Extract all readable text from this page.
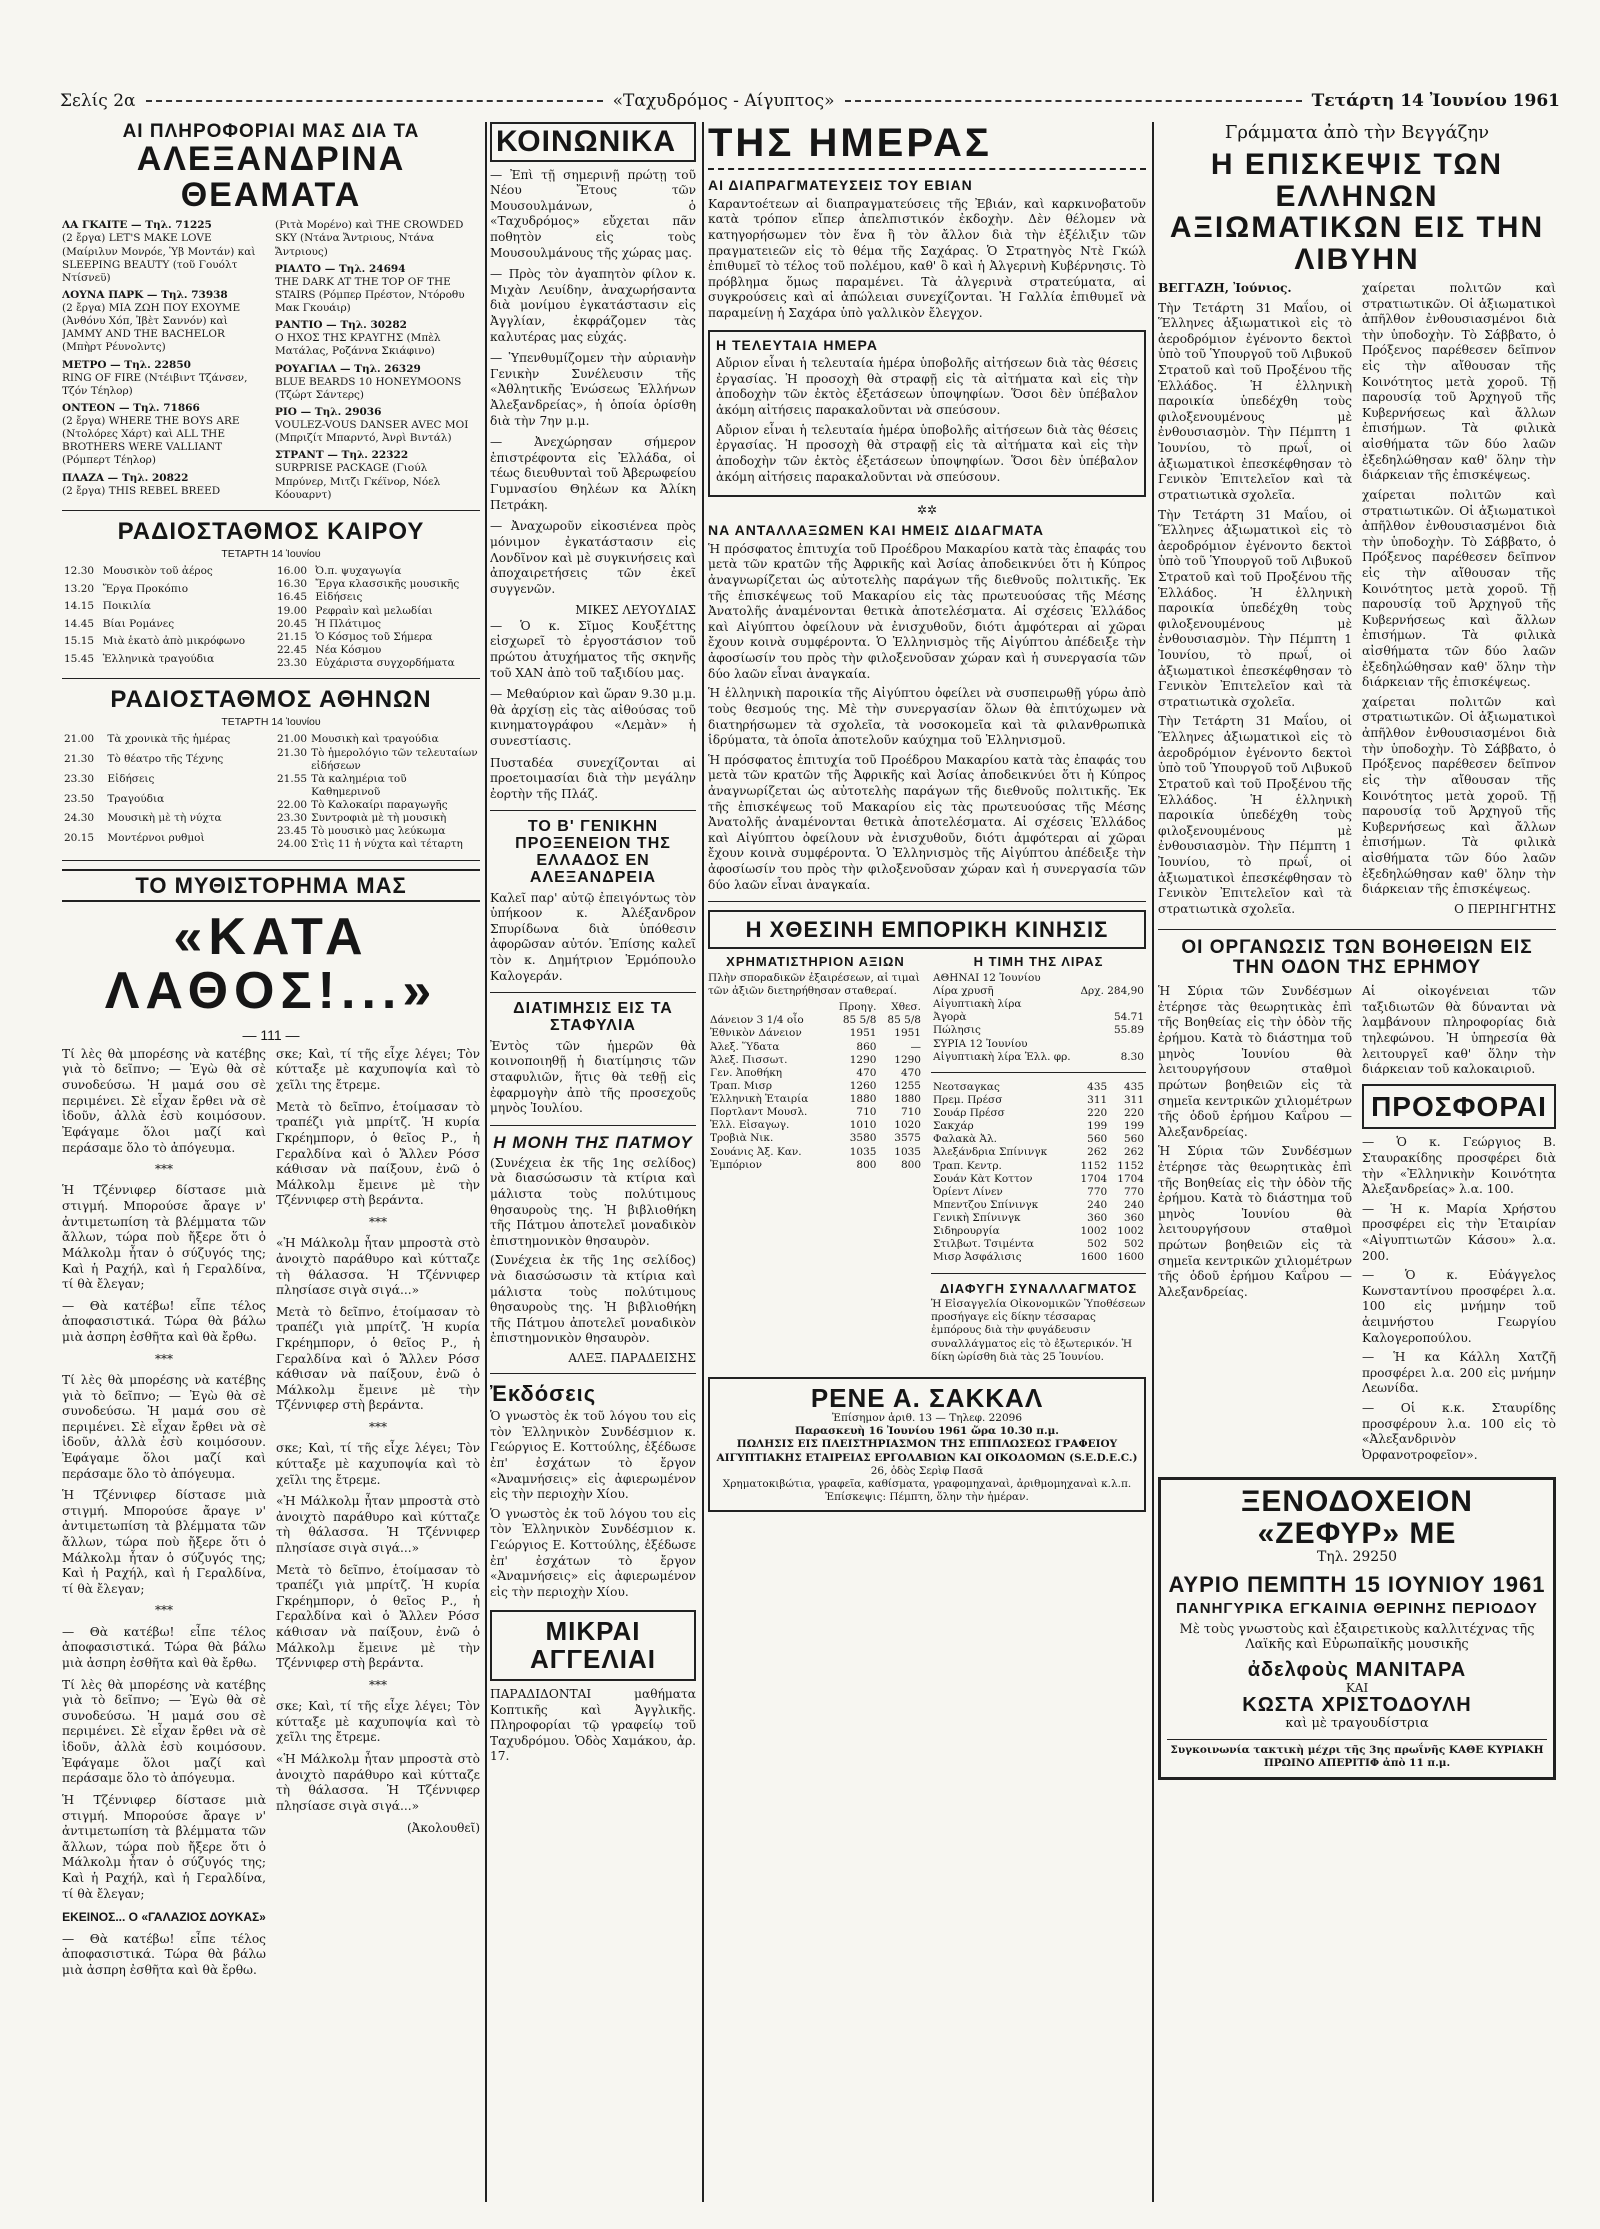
Σελίς 2α	«Ταχυδρόμος - Αίγυπτος»	Τετάρτη 14 Ἰουνίου 1961
ΑΙ ΠΛΗΡΟΦΟΡΙΑΙ ΜΑΣ ΔΙΑ ΤΑ
ΑΛΕΞΑΝΔΡΙΝΑ ΘΕΑΜΑΤΑ
ΛΑ ΓΚΑΙΤΕ — Τηλ. 71225
(2 ἔργα) LET'S MAKE LOVE (Μαίριλυν Μονρόε, Ὑβ Μοντάν) καὶ SLEEPING BEAUTY (τοῦ Γουόλτ Ντίσνεϋ)
ΛΟΥΝΑ ΠΑΡΚ — Τηλ. 73938
(2 ἔργα) ΜΙΑ ΖΩΗ ΠΟΥ ΕΧΟΥΜΕ (Ἀνθόνυ Χόπ, Ἰβὲτ Σαννόν) καὶ JAMMY AND THE BACHELOR (Μπὴρτ Ρέυνολντς)
ΜΕΤΡΟ — Τηλ. 22850
RING OF FIRE (Ντέιβιντ Τζάνσεν, Τζόν Τέηλορ)
ΟΝΤΕΟΝ — Τηλ. 71866
(2 ἔργα) WHERE THE BOYS ARE (Ντολόρες Χάρτ) καὶ ALL THE BROTHERS WERE VALLIANT (Ρόμπερτ Τέηλορ)
ΠΛΑΖΑ — Τηλ. 20822
(2 ἔργα) THIS REBEL BREED
(Ριτὰ Μορένο) καὶ THE CROWDED SKY (Ντάνα Ἄντριους, Ντάνα Ἄντριους)
ΡΙΑΛΤΟ — Τηλ. 24694
THE DARK AT THE TOP OF THE STAIRS (Ρόμπερ Πρέστον, Ντόροθυ Μακ Γκουάιρ)
ΡΑΝΤΙΟ — Τηλ. 30282
Ο ΗΧΟΣ ΤΗΣ ΚΡΑΥΓΗΣ (Μπὲλ Ματάλας, Ροζάννα Σκιάφινο)
ΡΟΥΑΓΙΑΛ — Τηλ. 26329
BLUE BEARDS 10 HONEYMOONS (Τζώρτ Σάντερς)
ΡΙΟ — Τηλ. 29036
VOULEZ-VOUS DANSER AVEC MOI (Μπριζίτ Μπαρντό, Ἀνρὶ Βιντάλ)
ΣΤΡΑΝΤ — Τηλ. 22322
SURPRISE PACKAGE (Γιούλ Μπρύνερ, Μιτζι Γκέϊνορ, Νόελ Κόουαρντ)
ΡΑΔΙΟΣΤΑΘΜΟΣ ΚΑΙΡΟΥ
ΤΕΤΑΡΤΗ 14 Ἰουνίου
12.30	Μουσικὸν τοῦ ἀέρος
13.20	Ἔργα Προκόπιο
14.15	Ποικιλία
14.45	Βίαι Ρομάνες
15.15	Μιὰ ἑκατὸ ἀπὸ μικρόφωνο
15.45	Ἑλληνικὰ τραγούδια
16.00	Ὀ.π. ψυχαγωγία
16.30	Ἔργα κλασσικῆς μουσικῆς
16.45	Εἰδήσεις
19.00	Ρεφραὶν καὶ μελωδίαι
20.45	Ἡ Πλάτιμος
21.15	Ὁ Κόσμος τοῦ Σήμερα
22.45	Νέα Κόσμου
23.30	Εὐχάριστα συγχορδήματα
ΡΑΔΙΟΣΤΑΘΜΟΣ ΑΘΗΝΩΝ
ΤΕΤΑΡΤΗ 14 Ἰουνίου
21.00	Τὰ χρονικὰ τῆς ἡμέρας
21.30	Τὸ θέατρο τῆς Τέχνης
23.30	Εἰδήσεις
23.50	Τραγούδια
24.30	Μουσικὴ μὲ τὴ νύχτα
20.15	Μοντέρνοι ρυθμοὶ
21.00	Μουσικὴ καὶ τραγούδια
21.30	Τὸ ἡμερολόγιο τῶν τελευταίων εἰδήσεων
21.55	Τὰ καλημέρια τοῦ Καθημερινοῦ
22.00	Τὸ Καλοκαίρι παραγωγῆς
23.30	Συντροφιὰ μὲ τὴ μουσικὴ
23.45	Τὸ μουσικὸ μας λεύκωμα
24.00	Στὶς 11 ἡ νύχτα καὶ τέταρτη
ΤΟ ΜΥΘΙΣΤΟΡΗΜΑ ΜΑΣ
«ΚΑΤΑ ΛΑΘΟΣ!...»
— 111 —

Τί λὲς θὰ μπορέσης νὰ κατέβης γιὰ τὸ δεῖπνο; — Ἐγὼ θὰ σὲ συνοδεύσω. Ἡ μαμά σου σὲ περιμένει. Σὲ εἶχαν ἔρθει νὰ σὲ ἰδοῦν, ἀλλὰ ἐσὺ κοιμόσουν. Ἐφάγαμε ὅλοι μαζί καὶ περάσαμε ὅλο τὸ ἀπόγευμα.

***

Ἡ Τζέννιφερ δίστασε μιὰ στιγμή. Μπορούσε ἄραγε ν' ἀντιμετωπίση τὰ βλέμματα τῶν ἄλλων, τώρα ποὺ ἤξερε ὅτι ὁ Μάλκολμ ἦταν ὁ σύζυγός της; Καὶ ἡ Ραχήλ, καὶ ἡ Γεραλδίνα, τί θὰ ἔλεγαν;

— Θὰ κατέβω! εἶπε τέλος ἀποφασιστικά. Τώρα θὰ βάλω μιὰ ἀσπρη ἐσθῆτα καὶ θὰ ἔρθω.

***

Τί λὲς θὰ μπορέσης νὰ κατέβης γιὰ τὸ δεῖπνο; — Ἐγὼ θὰ σὲ συνοδεύσω. Ἡ μαμά σου σὲ περιμένει. Σὲ εἶχαν ἔρθει νὰ σὲ ἰδοῦν, ἀλλὰ ἐσὺ κοιμόσουν. Ἐφάγαμε ὅλοι μαζί καὶ περάσαμε ὅλο τὸ ἀπόγευμα.

Ἡ Τζέννιφερ δίστασε μιὰ στιγμή. Μπορούσε ἄραγε ν' ἀντιμετωπίση τὰ βλέμματα τῶν ἄλλων, τώρα ποὺ ἤξερε ὅτι ὁ Μάλκολμ ἦταν ὁ σύζυγός της; Καὶ ἡ Ραχήλ, καὶ ἡ Γεραλδίνα, τί θὰ ἔλεγαν;

***

— Θὰ κατέβω! εἶπε τέλος ἀποφασιστικά. Τώρα θὰ βάλω μιὰ ἀσπρη ἐσθῆτα καὶ θὰ ἔρθω.

Τί λὲς θὰ μπορέσης νὰ κατέβης γιὰ τὸ δεῖπνο; — Ἐγὼ θὰ σὲ συνοδεύσω. Ἡ μαμά σου σὲ περιμένει. Σὲ εἶχαν ἔρθει νὰ σὲ ἰδοῦν, ἀλλὰ ἐσὺ κοιμόσουν. Ἐφάγαμε ὅλοι μαζί καὶ περάσαμε ὅλο τὸ ἀπόγευμα.

Ἡ Τζέννιφερ δίστασε μιὰ στιγμή. Μπορούσε ἄραγε ν' ἀντιμετωπίση τὰ βλέμματα τῶν ἄλλων, τώρα ποὺ ἤξερε ὅτι ὁ Μάλκολμ ἦταν ὁ σύζυγός της; Καὶ ἡ Ραχήλ, καὶ ἡ Γεραλδίνα, τί θὰ ἔλεγαν;

ΕΚΕΙΝΟΣ... Ο «ΓΑΛΑΖΙΟΣ ΔΟΥΚΑΣ»

— Θὰ κατέβω! εἶπε τέλος ἀποφασιστικά. Τώρα θὰ βάλω μιὰ ἀσπρη ἐσθῆτα καὶ θὰ ἔρθω.

σκε; Καὶ, τί τῆς εἶχε λέγει; Τὸν κύτταξε μὲ καχυποψία καὶ τὸ χεῖλι της ἔτρεμε.

Μετὰ τὸ δεῖπνο, ἑτοίμασαν τὸ τραπέζι γιὰ μπρίτζ. Ἡ κυρία Γκρέημπορν, ὁ θεῖος Ρ., ἡ Γεραλδίνα καὶ ὁ Ἄλλεν Ρόσσ κάθισαν νὰ παίξουν, ἐνῶ ὁ Μάλκολμ ἔμεινε μὲ τὴν Τζέννιφερ στὴ βεράντα.

***

«Ἡ Μάλκολμ ἦταν μπροστὰ στὸ ἀνοιχτὸ παράθυρο καὶ κύτταζε τὴ θάλασσα. Ἡ Τζέννιφερ πλησίασε σιγὰ σιγά...»

Μετὰ τὸ δεῖπνο, ἑτοίμασαν τὸ τραπέζι γιὰ μπρίτζ. Ἡ κυρία Γκρέημπορν, ὁ θεῖος Ρ., ἡ Γεραλδίνα καὶ ὁ Ἄλλεν Ρόσσ κάθισαν νὰ παίξουν, ἐνῶ ὁ Μάλκολμ ἔμεινε μὲ τὴν Τζέννιφερ στὴ βεράντα.

***

σκε; Καὶ, τί τῆς εἶχε λέγει; Τὸν κύτταξε μὲ καχυποψία καὶ τὸ χεῖλι της ἔτρεμε.

«Ἡ Μάλκολμ ἦταν μπροστὰ στὸ ἀνοιχτὸ παράθυρο καὶ κύτταζε τὴ θάλασσα. Ἡ Τζέννιφερ πλησίασε σιγὰ σιγά...»

Μετὰ τὸ δεῖπνο, ἑτοίμασαν τὸ τραπέζι γιὰ μπρίτζ. Ἡ κυρία Γκρέημπορν, ὁ θεῖος Ρ., ἡ Γεραλδίνα καὶ ὁ Ἄλλεν Ρόσσ κάθισαν νὰ παίξουν, ἐνῶ ὁ Μάλκολμ ἔμεινε μὲ τὴν Τζέννιφερ στὴ βεράντα.

***

σκε; Καὶ, τί τῆς εἶχε λέγει; Τὸν κύτταξε μὲ καχυποψία καὶ τὸ χεῖλι της ἔτρεμε.

«Ἡ Μάλκολμ ἦταν μπροστὰ στὸ ἀνοιχτὸ παράθυρο καὶ κύτταζε τὴ θάλασσα. Ἡ Τζέννιφερ πλησίασε σιγὰ σιγά...»

(Ἀκολουθεῖ)
ΚΟΙΝΩΝΙΚΑ

— Ἐπὶ τῇ σημερινῇ πρώτῃ τοῦ Νέου Ἔτους τῶν Μουσουλμάνων, ὁ «Ταχυδρόμος» εὔχεται πᾶν ποθητὸν εἰς τοὺς Μουσουλμάνους τῆς χώρας μας.

— Πρὸς τὸν ἀγαπητὸν φίλον κ. Μιχὰν Λευίδην, ἀναχωρήσαντα διὰ μονίμου ἐγκατάστασιν εἰς Ἀγγλίαν, ἐκφράζομεν τὰς καλυτέρας μας εὐχάς.

— Ὑπενθυμίζομεν τὴν αὐριανὴν Γενικὴν Συνέλευσιν τῆς «Ἀθλητικῆς Ἑνώσεως Ἑλλήνων Ἀλεξανδρείας», ἡ ὁποία ὁρίσθη διὰ τὴν 7ην μ.μ.

— Ἀνεχώρησαν σήμερον ἐπιστρέφοντα εἰς Ἑλλάδα, οἱ τέως διευθυνταὶ τοῦ Ἀβερωφείου Γυμνασίου Θηλέων κα Ἀλίκη Πετράκη.

— Ἀναχωροῦν εἰκοσιένεα πρὸς μόνιμον ἐγκατάστασιν εἰς Λονδῖνον καὶ μὲ συγκινήσεις καὶ ἀποχαιρετήσεις τῶν ἐκεῖ συγγενῶν.

ΜΙΚΕΣ ΛΕΥΟΥΔΙΑΣ

— Ὁ κ. Σῖμος Κουξέττης εἰσχωρεῖ τὸ ἐργοστάσιον τοῦ πρώτου ἀτυχήματος τῆς σκηνῆς τοῦ ΧΑΝ ἀπὸ τοῦ ταξιδίου μας.

— Μεθαύριον καὶ ὥραν 9.30 μ.μ. θὰ ἀρχίσῃ εἰς τὰς αἰθούσας τοῦ κινηματογράφου «Λεμὰν» ἡ συνεστίασις.

Πυσταδέα συνεχίζονται αἱ προετοιμασίαι διὰ τὴν μεγάλην ἐορτὴν τῆς Πλάζ.

ΤΟ Β' ΓΕΝΙΚΗΝ ΠΡΟΞΕΝΕΙΟΝ ΤΗΣ ΕΛΛΑΔΟΣ ΕΝ ΑΛΕΞΑΝΔΡΕΙΑ

Καλεῖ παρ' αὐτῷ ἐπειγόντως τὸν ὑπήκοον κ. Ἀλέξανδρον Σπυρίδωνα διὰ ὑπόθεσιν ἀφορῶσαν αὐτόν. Ἐπίσης καλεῖ τὸν κ. Δημήτριον Ἑρμόπουλο Καλογεράν.

ΔΙΑΤΙΜΗΣΙΣ ΕΙΣ ΤΑ ΣΤΑΦΥΛΙΑ

Ἐντὸς τῶν ἡμερῶν θὰ κοινοποιηθῇ ἡ διατίμησις τῶν σταφυλιῶν, ἥτις θὰ τεθῇ εἰς ἐφαρμογὴν ἀπὸ τῆς προσεχοῦς μηνὸς Ἰουλίου.

Η ΜΟΝΗ ΤΗΣ ΠΑΤΜΟΥ

(Συνέχεια ἐκ τῆς 1ης σελίδος) νὰ διασώσωσιν τὰ κτίρια καὶ μάλιστα τοὺς πολύτιμους θησαυροὺς της. Ἡ βιβλιοθήκη τῆς Πάτμου ἀποτελεῖ μοναδικὸν ἐπιστημονικὸν θησαυρὸν.

(Συνέχεια ἐκ τῆς 1ης σελίδος) νὰ διασώσωσιν τὰ κτίρια καὶ μάλιστα τοὺς πολύτιμους θησαυροὺς της. Ἡ βιβλιοθήκη τῆς Πάτμου ἀποτελεῖ μοναδικὸν ἐπιστημονικὸν θησαυρὸν.

ΑΛΕΞ. ΠΑΡΑΔΕΙΣΗΣ
Ἐκδόσεις

Ὁ γνωστὸς ἐκ τοῦ λόγου του εἰς τὸν Ἑλληνικὸν Συνδέσμιον κ. Γεώργιος Ε. Κοττούλης, ἐξέδωσε ἐπ' ἐσχάτων τὸ ἔργον «Ἀναμνήσεις» εἰς ἀφιερωμένον εἰς τὴν περιοχὴν Χίου.

Ὁ γνωστὸς ἐκ τοῦ λόγου του εἰς τὸν Ἑλληνικὸν Συνδέσμιον κ. Γεώργιος Ε. Κοττούλης, ἐξέδωσε ἐπ' ἐσχάτων τὸ ἔργον «Ἀναμνήσεις» εἰς ἀφιερωμένον εἰς τὴν περιοχὴν Χίου.

ΜΙΚΡΑΙ ΑΓΓΕΛΙΑΙ

ΠΑΡΑΔΙΔΟΝΤΑΙ μαθήματα Κοπτικῆς καὶ Ἀγγλικῆς. Πληροφορίαι τῷ γραφείῳ τοῦ Ταχυδρόμου. Ὁδὸς Χαμάκου, ἀρ. 17.

ΤΗΣ ΗΜΕΡΑΣ
ΑΙ ΔΙΑΠΡΑΓΜΑΤΕΥΣΕΙΣ ΤΟΥ ΕΒΙΑΝ

Καραντοέτεων αἱ διαπραγματεύσεις τῆς Ἐβιάν, καὶ καρκινοβατοῦν κατὰ τρόπον εἴπερ ἀπελπιστικόν ἐκδοχὴν. Δὲν θέλομεν νὰ κατηγορήσωμεν τὸν ἕνα ἢ τὸν ἄλλον διὰ τὴν ἐξέλιξιν τῶν πραγματειεῶν εἰς τὸ θέμα τῆς Σαχάρας. Ὁ Στρατηγὸς Ντὲ Γκώλ ἐπιθυμεῖ τὸ τέλος τοῦ πολέμου, καθ' ὃ καὶ ἡ Ἀλγερινὴ Κυβέρνησις. Τὸ πρόβλημα ὅμως παραμένει. Τὰ ἀλγερινὰ στρατεύματα, αἱ συγκρούσεις καὶ αἱ ἀπώλειαι συνεχίζονται. Ἡ Γαλλία ἐπιθυμεῖ νὰ παραμείνῃ ἡ Σαχάρα ὑπὸ γαλλικὸν ἔλεγχον.

Η ΤΕΛΕΥΤΑΙΑ ΗΜΕΡΑ

Αὔριον εἶναι ἡ τελευταία ἡμέρα ὑποβολῆς αἰτήσεων διὰ τὰς θέσεις ἐργασίας. Ἡ προσοχὴ θὰ στραφῇ εἰς τὰ αἰτήματα καὶ εἰς τὴν ἀποδοχὴν τῶν ἐκτὸς ἐξετάσεων ὑποψηφίων. Ὅσοι δὲν ὑπέβαλον ἀκόμη αἰτήσεις παρακαλοῦνται νὰ σπεύσουν.

Αὔριον εἶναι ἡ τελευταία ἡμέρα ὑποβολῆς αἰτήσεων διὰ τὰς θέσεις ἐργασίας. Ἡ προσοχὴ θὰ στραφῇ εἰς τὰ αἰτήματα καὶ εἰς τὴν ἀποδοχὴν τῶν ἐκτὸς ἐξετάσεων ὑποψηφίων. Ὅσοι δὲν ὑπέβαλον ἀκόμη αἰτήσεις παρακαλοῦνται νὰ σπεύσουν.

✲✲
ΝΑ ΑΝΤΑΛΛΑΞΩΜΕΝ ΚΑΙ ΗΜΕΙΣ ΔΙΔΑΓΜΑΤΑ

Ἡ πρόσφατος ἐπιτυχία τοῦ Προέδρου Μακαρίου κατὰ τὰς ἐπαφάς του μετὰ τῶν κρατῶν τῆς Ἀφρικῆς καὶ Ἀσίας ἀποδεικνύει ὅτι ἡ Κύπρος ἀναγνωρίζεται ὡς αὐτοτελὴς παράγων τῆς διεθνοῦς πολιτικῆς. Ἐκ τῆς ἐπισκέψεως τοῦ Μακαρίου εἰς τὰς πρωτευούσας τῆς Μέσης Ἀνατολῆς ἀναμένονται θετικὰ ἀποτελέσματα. Αἱ σχέσεις Ἑλλάδος καὶ Αἰγύπτου ὀφείλουν νὰ ἐνισχυθοῦν, διότι ἀμφότεραι αἱ χῶραι ἔχουν κοινὰ συμφέροντα. Ὁ Ἑλληνισμὸς τῆς Αἰγύπτου ἀπέδειξε τὴν ἀφοσίωσίν του πρὸς τὴν φιλοξενοῦσαν χώραν καὶ ἡ συνεργασία τῶν δύο λαῶν εἶναι ἀναγκαία.

Ἡ ἑλληνικὴ παροικία τῆς Αἰγύπτου ὀφείλει νὰ συσπειρωθῇ γύρω ἀπὸ τοὺς θεσμούς της. Μὲ τὴν συνεργασίαν ὅλων θὰ ἐπιτύχωμεν νὰ διατηρήσωμεν τὰ σχολεῖα, τὰ νοσοκομεῖα καὶ τὰ φιλανθρωπικὰ ἱδρύματα, τὰ ὁποῖα ἀποτελοῦν καύχημα τοῦ Ἑλληνισμοῦ.

Ἡ πρόσφατος ἐπιτυχία τοῦ Προέδρου Μακαρίου κατὰ τὰς ἐπαφάς του μετὰ τῶν κρατῶν τῆς Ἀφρικῆς καὶ Ἀσίας ἀποδεικνύει ὅτι ἡ Κύπρος ἀναγνωρίζεται ὡς αὐτοτελὴς παράγων τῆς διεθνοῦς πολιτικῆς. Ἐκ τῆς ἐπισκέψεως τοῦ Μακαρίου εἰς τὰς πρωτευούσας τῆς Μέσης Ἀνατολῆς ἀναμένονται θετικὰ ἀποτελέσματα. Αἱ σχέσεις Ἑλλάδος καὶ Αἰγύπτου ὀφείλουν νὰ ἐνισχυθοῦν, διότι ἀμφότεραι αἱ χῶραι ἔχουν κοινὰ συμφέροντα. Ὁ Ἑλληνισμὸς τῆς Αἰγύπτου ἀπέδειξε τὴν ἀφοσίωσίν του πρὸς τὴν φιλοξενοῦσαν χώραν καὶ ἡ συνεργασία τῶν δύο λαῶν εἶναι ἀναγκαία.

Η ΧΘΕΣΙΝΗ ΕΜΠΟΡΙΚΗ ΚΙΝΗΣΙΣ
ΧΡΗΜΑΤΙΣΤΗΡΙΟΝ ΑΞΙΩΝ

Πλὴν σποραδικῶν ἐξαιρέσεων, αἱ τιμαὶ τῶν ἀξιῶν διετηρήθησαν σταθεραί.

	Προηγ.	Χθεσ.
Δάνειον 3 1/4 οἶο	85 5/8	85 5/8
Ἐθνικὸν Δάνειον	1951	1951
Ἀλεξ. Ὕδατα	860	—
Ἀλεξ. Πισσωτ.	1290	1290
Γεν. Ἀποθήκη	470	470
Τραπ. Μισρ	1260	1255
Ἑλληνικὴ Ἑταιρία	1880	1880
Πορτλαντ Μουσλ.	710	710
Ἑλλ. Εἰσαγωγ.	1010	1020
Τροβιὰ Νικ.	3580	3575
Σουάνις Ἀξ. Καν.	1035	1035
Ἐμπόριον	800	800
Η ΤΙΜΗ ΤΗΣ ΛΙΡΑΣ
ΑΘΗΝΑΙ 12 Ἰουνίου	
Λίρα χρυσῆ	Δρχ. 284,90
Αἰγυπτιακὴ λίρα	
Ἀγορὰ	54.71
Πώλησις	55.89
ΣΥΡΙΑ 12 Ἰουνίου	
Αἰγυπτιακὴ λίρα Ἐλλ. φρ.	8.30
Νεοτσαγκας	435	435
Πρεμ. Πρέσσ	311	311
Σουάρ Πρέσσ	220	220
Σακχάρ	199	199
Φαλακὰ Ἀλ.	560	560
Ἀλεξάνδρια Σπίνινγκ	262	262
Τραπ. Κεντρ.	1152	1152
Σουάν Κὰτ Κοττον	1704	1704
Ὀρίεντ Λίνεν	770	770
Μπεντζου Σπίνινγκ	240	240
Γενικὴ Σπίνινγκ	360	360
Σιδηρουργία	1002	1002
Στιλβωτ. Τσιμέντα	502	502
Μισρ Ἀσφάλισις	1600	1600
ΔΙΑΦΥΓΗ ΣΥΝΑΛΛΑΓΜΑΤΟΣ

Ἡ Εἰσαγγελία Οἰκονομικῶν Ὑποθέσεων προσήγαγε εἰς δίκην τέσσαρας ἐμπόρους διὰ τὴν φυγάδευσιν συναλλάγματος εἰς τὸ ἐξωτερικόν. Ἡ δίκη ὡρίσθη διὰ τὰς 25 Ἰουνίου.

ΡΕΝΕ Α. ΣΑΚΚΑΛ
Ἐπίσημον ἀριθ. 13 — Τηλεφ. 22096
Παρασκευὴ 16 Ἰουνίου 1961 ὥρα 10.30 π.μ.
ΠΩΛΗΣΙΣ ΕΙΣ ΠΛΕΙΣΤΗΡΙΑΣΜΟΝ ΤΗΣ ΕΠΙΠΛΩΣΕΩΣ ΓΡΑΦΕΙΟΥ
ΑΙΓΥΠΤΙΑΚΗΣ ΕΤΑΙΡΕΙΑΣ ΕΡΓΟΛΑΒΙΩΝ ΚΑΙ ΟΙΚΟΔΟΜΩΝ (S.E.D.E.C.)
26, ὁδὸς Σερὶφ Πασᾶ
Χρηματοκιβώτια, γραφεῖα, καθίσματα, γραφομηχαναὶ, ἀριθμομηχαναὶ κ.λ.π. Ἐπίσκεψις: Πέμπτη, ὅλην τὴν ἡμέραν.
Γράμματα ἀπὸ τὴν Βεγγάζην
Η ΕΠΙΣΚΕΨΙΣ ΤΩΝ ΕΛΛΗΝΩΝ ΑΞΙΩΜΑΤΙΚΩΝ ΕΙΣ ΤΗΝ ΛΙΒΥΗΝ
ΒΕΓΓΑΖΗ, Ἰούνιος.

Τὴν Τετάρτη 31 Μαΐου, οἱ Ἕλληνες ἀξιωματικοὶ εἰς τὸ ἀεροδρόμιον ἐγένοντο δεκτοὶ ὑπὸ τοῦ Ὑπουργοῦ τοῦ Λιβυκοῦ Στρατοῦ καὶ τοῦ Προξένου τῆς Ἑλλάδος. Ἡ ἑλληνικὴ παροικία ὑπεδέχθη τοὺς φιλοξενουμένους μὲ ἐνθουσιασμὸν. Τὴν Πέμπτη 1 Ἰουνίου, τὸ πρωΐ, οἱ ἀξιωματικοὶ ἐπεσκέφθησαν τὸ Γενικὸν Ἐπιτελεῖον καὶ τὰ στρατιωτικὰ σχολεῖα.

Τὴν Τετάρτη 31 Μαΐου, οἱ Ἕλληνες ἀξιωματικοὶ εἰς τὸ ἀεροδρόμιον ἐγένοντο δεκτοὶ ὑπὸ τοῦ Ὑπουργοῦ τοῦ Λιβυκοῦ Στρατοῦ καὶ τοῦ Προξένου τῆς Ἑλλάδος. Ἡ ἑλληνικὴ παροικία ὑπεδέχθη τοὺς φιλοξενουμένους μὲ ἐνθουσιασμὸν. Τὴν Πέμπτη 1 Ἰουνίου, τὸ πρωΐ, οἱ ἀξιωματικοὶ ἐπεσκέφθησαν τὸ Γενικὸν Ἐπιτελεῖον καὶ τὰ στρατιωτικὰ σχολεῖα.

Τὴν Τετάρτη 31 Μαΐου, οἱ Ἕλληνες ἀξιωματικοὶ εἰς τὸ ἀεροδρόμιον ἐγένοντο δεκτοὶ ὑπὸ τοῦ Ὑπουργοῦ τοῦ Λιβυκοῦ Στρατοῦ καὶ τοῦ Προξένου τῆς Ἑλλάδος. Ἡ ἑλληνικὴ παροικία ὑπεδέχθη τοὺς φιλοξενουμένους μὲ ἐνθουσιασμὸν. Τὴν Πέμπτη 1 Ἰουνίου, τὸ πρωΐ, οἱ ἀξιωματικοὶ ἐπεσκέφθησαν τὸ Γενικὸν Ἐπιτελεῖον καὶ τὰ στρατιωτικὰ σχολεῖα.

χαίρεται πολιτῶν καὶ στρατιωτικῶν. Οἱ ἀξιωματικοὶ ἀπῆλθον ἐνθουσιασμένοι διὰ τὴν ὑποδοχὴν. Τὸ Σάββατο, ὁ Πρόξενος παρέθεσεν δεῖπνον εἰς τὴν αἴθουσαν τῆς Κοινότητος μετὰ χοροῦ. Τῇ παρουσίᾳ τοῦ Ἀρχηγοῦ τῆς Κυβερνήσεως καὶ ἄλλων ἐπισήμων. Τὰ φιλικὰ αἰσθήματα τῶν δύο λαῶν ἐξεδηλώθησαν καθ' ὅλην τὴν διάρκειαν τῆς ἐπισκέψεως.

χαίρεται πολιτῶν καὶ στρατιωτικῶν. Οἱ ἀξιωματικοὶ ἀπῆλθον ἐνθουσιασμένοι διὰ τὴν ὑποδοχὴν. Τὸ Σάββατο, ὁ Πρόξενος παρέθεσεν δεῖπνον εἰς τὴν αἴθουσαν τῆς Κοινότητος μετὰ χοροῦ. Τῇ παρουσίᾳ τοῦ Ἀρχηγοῦ τῆς Κυβερνήσεως καὶ ἄλλων ἐπισήμων. Τὰ φιλικὰ αἰσθήματα τῶν δύο λαῶν ἐξεδηλώθησαν καθ' ὅλην τὴν διάρκειαν τῆς ἐπισκέψεως.

χαίρεται πολιτῶν καὶ στρατιωτικῶν. Οἱ ἀξιωματικοὶ ἀπῆλθον ἐνθουσιασμένοι διὰ τὴν ὑποδοχὴν. Τὸ Σάββατο, ὁ Πρόξενος παρέθεσεν δεῖπνον εἰς τὴν αἴθουσαν τῆς Κοινότητος μετὰ χοροῦ. Τῇ παρουσίᾳ τοῦ Ἀρχηγοῦ τῆς Κυβερνήσεως καὶ ἄλλων ἐπισήμων. Τὰ φιλικὰ αἰσθήματα τῶν δύο λαῶν ἐξεδηλώθησαν καθ' ὅλην τὴν διάρκειαν τῆς ἐπισκέψεως.

Ο ΠΕΡΙΗΓΗΤΗΣ
ΟΙ ΟΡΓΑΝΩΣΙΣ ΤΩΝ ΒΟΗΘΕΙΩΝ ΕΙΣ ΤΗΝ ΟΔΟΝ ΤΗΣ ΕΡΗΜΟΥ

Ἡ Σύρια τῶν Συνδέσμων ἐτέρησε τὰς θεωρητικὰς ἐπὶ τῆς Βοηθείας εἰς τὴν ὁδὸν τῆς ἐρήμου. Κατὰ τὸ διάστημα τοῦ μηνὸς Ἰουνίου θὰ λειτουργήσουν σταθμοὶ πρώτων βοηθειῶν εἰς τὰ σημεῖα κεντρικῶν χιλιομέτρων τῆς ὁδοῦ ἐρήμου Καΐρου — Ἀλεξανδρείας.

Ἡ Σύρια τῶν Συνδέσμων ἐτέρησε τὰς θεωρητικὰς ἐπὶ τῆς Βοηθείας εἰς τὴν ὁδὸν τῆς ἐρήμου. Κατὰ τὸ διάστημα τοῦ μηνὸς Ἰουνίου θὰ λειτουργήσουν σταθμοὶ πρώτων βοηθειῶν εἰς τὰ σημεῖα κεντρικῶν χιλιομέτρων τῆς ὁδοῦ ἐρήμου Καΐρου — Ἀλεξανδρείας.

Αἱ οἰκογένειαι τῶν ταξιδιωτῶν θὰ δύνανται νὰ λαμβάνουν πληροφορίας διὰ τηλεφώνου. Ἡ ὑπηρεσία θὰ λειτουργεῖ καθ' ὅλην τὴν διάρκειαν τοῦ καλοκαιριοῦ.

ΠΡΟΣΦΟΡΑΙ

— Ὁ κ. Γεώργιος Β. Σταυρακίδης προσφέρει διὰ τὴν «Ἑλληνικὴν Κοινότητα Ἀλεξανδρείας» λ.α. 100.

— Ἡ κ. Μαρία Χρήστου προσφέρει εἰς τὴν Ἑταιρίαν «Αἰγυπτιωτῶν Κάσου» λ.α. 200.

— Ὁ κ. Εὐάγγελος Κωνσταντίνου προσφέρει λ.α. 100 εἰς μνήμην τοῦ ἀειμνήστου Γεωργίου Καλογεροπούλου.

— Ἡ κα Κάλλη Χατζῆ προσφέρει λ.α. 200 εἰς μνήμην Λεωνίδα.

— Οἱ κ.κ. Σταυρίδης προσφέρουν λ.α. 100 εἰς τὸ «Ἀλεξανδρινὸν Ὀρφανοτροφεῖον».

ΞΕΝΟΔΟΧΕΙΟΝ «ΖΕΦΥΡ» ΜΕ
Τηλ. 29250
ΑΥΡΙΟ ΠΕΜΠΤΗ 15 ΙΟΥΝΙΟΥ 1961
ΠΑΝΗΓΥΡΙΚΑ ΕΓΚΑΙΝΙΑ ΘΕΡΙΝΗΣ ΠΕΡΙΟΔΟΥ
Μὲ τοὺς γνωστοὺς καὶ ἐξαιρετικοὺς καλλιτέχνας τῆς Λαϊκῆς καὶ Εὐρωπαϊκῆς μουσικῆς
ἀδελφοὺς ΜΑΝΙΤΑΡΑ
ΚΑΙ
ΚΩΣΤΑ ΧΡΙΣΤΟΔΟΥΛΗ
καὶ μὲ τραγουδίστρια
Συγκοινωνία τακτικὴ μέχρι τῆς 3ης πρωΐνῆς ΚΑΘΕ ΚΥΡΙΑΚΗ ΠΡΩΙΝΟ ΑΠΕΡΙΤΙΦ ἀπὸ 11 π.μ.
